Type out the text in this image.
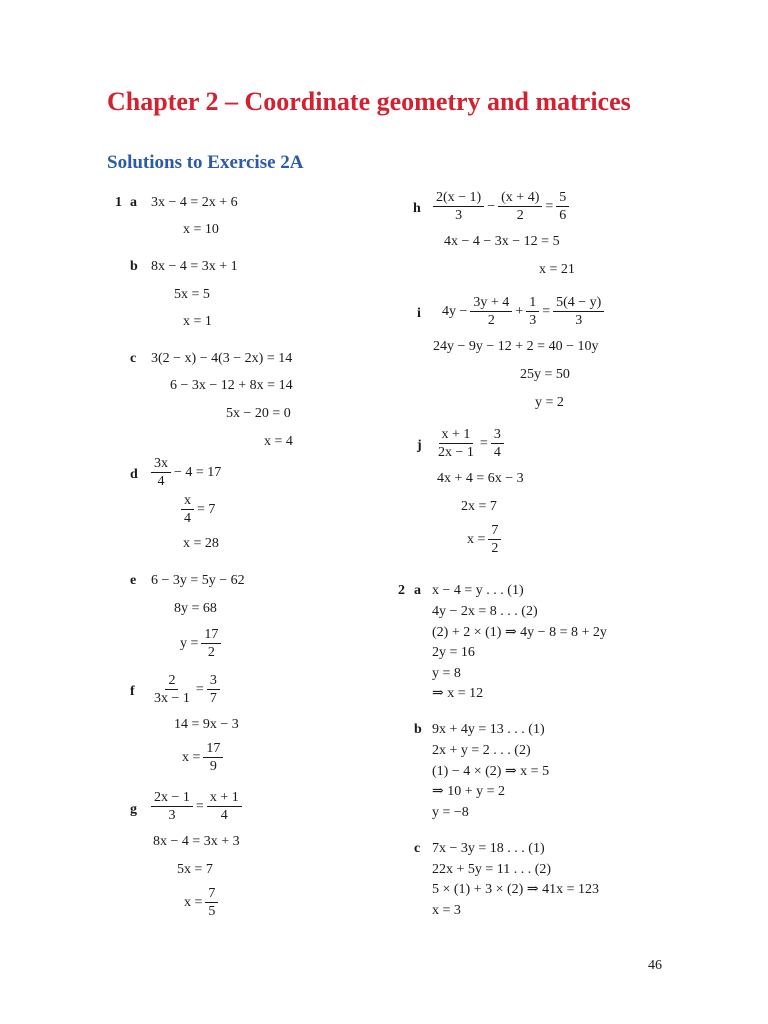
Chapter 2 – Coordinate geometry and matrices
Solutions to Exercise 2A
1 a 3x − 4 = 2x + 6
x = 10
b 8x − 4 = 3x + 1
5x = 5
x = 1
c 3(2 − x) − 4(3 − 2x) = 14
6 − 3x − 12 + 8x = 14
5x − 20 = 0
x = 4
d $\frac{3x}{4} - 4 = 17$
$\frac{x}{4} = 7$
x = 28
e 6 − 3y = 5y − 62
8y = 68
$y = \frac{17}{2}$
f $\frac{2}{3x - 1} = \frac{3}{7}$
14 = 9x − 3
$x = \frac{17}{9}$
g $\frac{2x - 1}{3} = \frac{x + 1}{4}$
8x − 4 = 3x + 3
5x = 7
$x = \frac{7}{5}$
h $\frac{2(x - 1)}{3} - \frac{(x + 4)}{2} = \frac{5}{6}$
4x − 4 − 3x − 12 = 5
x = 21
i $4y - \frac{3y + 4}{2} + \frac{1}{3} = \frac{5(4 - y)}{3}$
24y − 9y − 12 + 2 = 40 − 10y
25y = 50
y = 2
j $\frac{x + 1}{2x - 1} = \frac{3}{4}$
4x + 4 = 6x − 3
2x = 7
$x = \frac{7}{2}$
2 a x − 4 = y . . . (1)
4y − 2x = 8 . . . (2)
(2) + 2 × (1) ⇒ 4y − 8 = 8 + 2y
2y = 16
y = 8
⇒ x = 12
b 9x + 4y = 13 . . . (1)
2x + y = 2 . . . (2)
(1) − 4 × (2) ⇒ x = 5
⇒ 10 + y = 2
y = −8
c 7x − 3y = 18 . . . (1)
22x + 5y = 11 . . . (2)
5 × (1) + 3 × (2) ⇒ 41x = 123
x = 3
46
